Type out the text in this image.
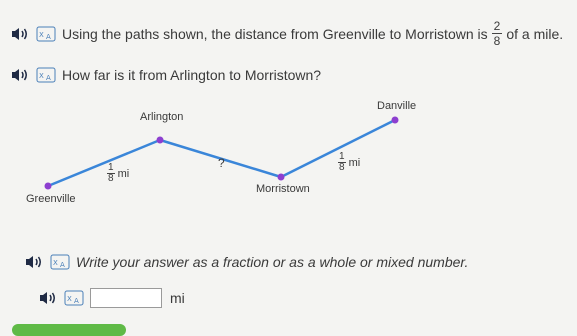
X A Using the paths shown, the distance from Greenville to Morristown is $\frac{2}{8}$ of a mile.
X A How far is it from Arlington to Morristown?
Arlington
Danville
Greenville
Morristown
$\frac{1}{8}$ mi
?	$\frac{1}{8}$ mi
X A Write your answer as a fraction or as a whole or mixed number.
X A	mi
